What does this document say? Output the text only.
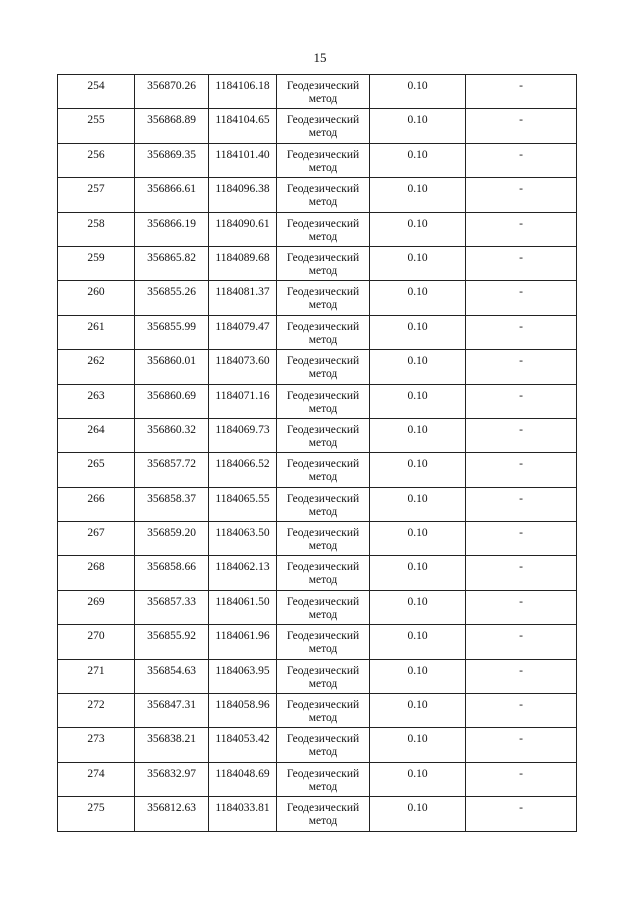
15
254	356870.26	1184106.18	Геодезический метод	0.10	-
255	356868.89	1184104.65	Геодезический метод	0.10	-
256	356869.35	1184101.40	Геодезический метод	0.10	-
257	356866.61	1184096.38	Геодезический метод	0.10	-
258	356866.19	1184090.61	Геодезический метод	0.10	-
259	356865.82	1184089.68	Геодезический метод	0.10	-
260	356855.26	1184081.37	Геодезический метод	0.10	-
261	356855.99	1184079.47	Геодезический метод	0.10	-
262	356860.01	1184073.60	Геодезический метод	0.10	-
263	356860.69	1184071.16	Геодезический метод	0.10	-
264	356860.32	1184069.73	Геодезический метод	0.10	-
265	356857.72	1184066.52	Геодезический метод	0.10	-
266	356858.37	1184065.55	Геодезический метод	0.10	-
267	356859.20	1184063.50	Геодезический метод	0.10	-
268	356858.66	1184062.13	Геодезический метод	0.10	-
269	356857.33	1184061.50	Геодезический метод	0.10	-
270	356855.92	1184061.96	Геодезический метод	0.10	-
271	356854.63	1184063.95	Геодезический метод	0.10	-
272	356847.31	1184058.96	Геодезический метод	0.10	-
273	356838.21	1184053.42	Геодезический метод	0.10	-
274	356832.97	1184048.69	Геодезический метод	0.10	-
275	356812.63	1184033.81	Геодезический метод	0.10	-
